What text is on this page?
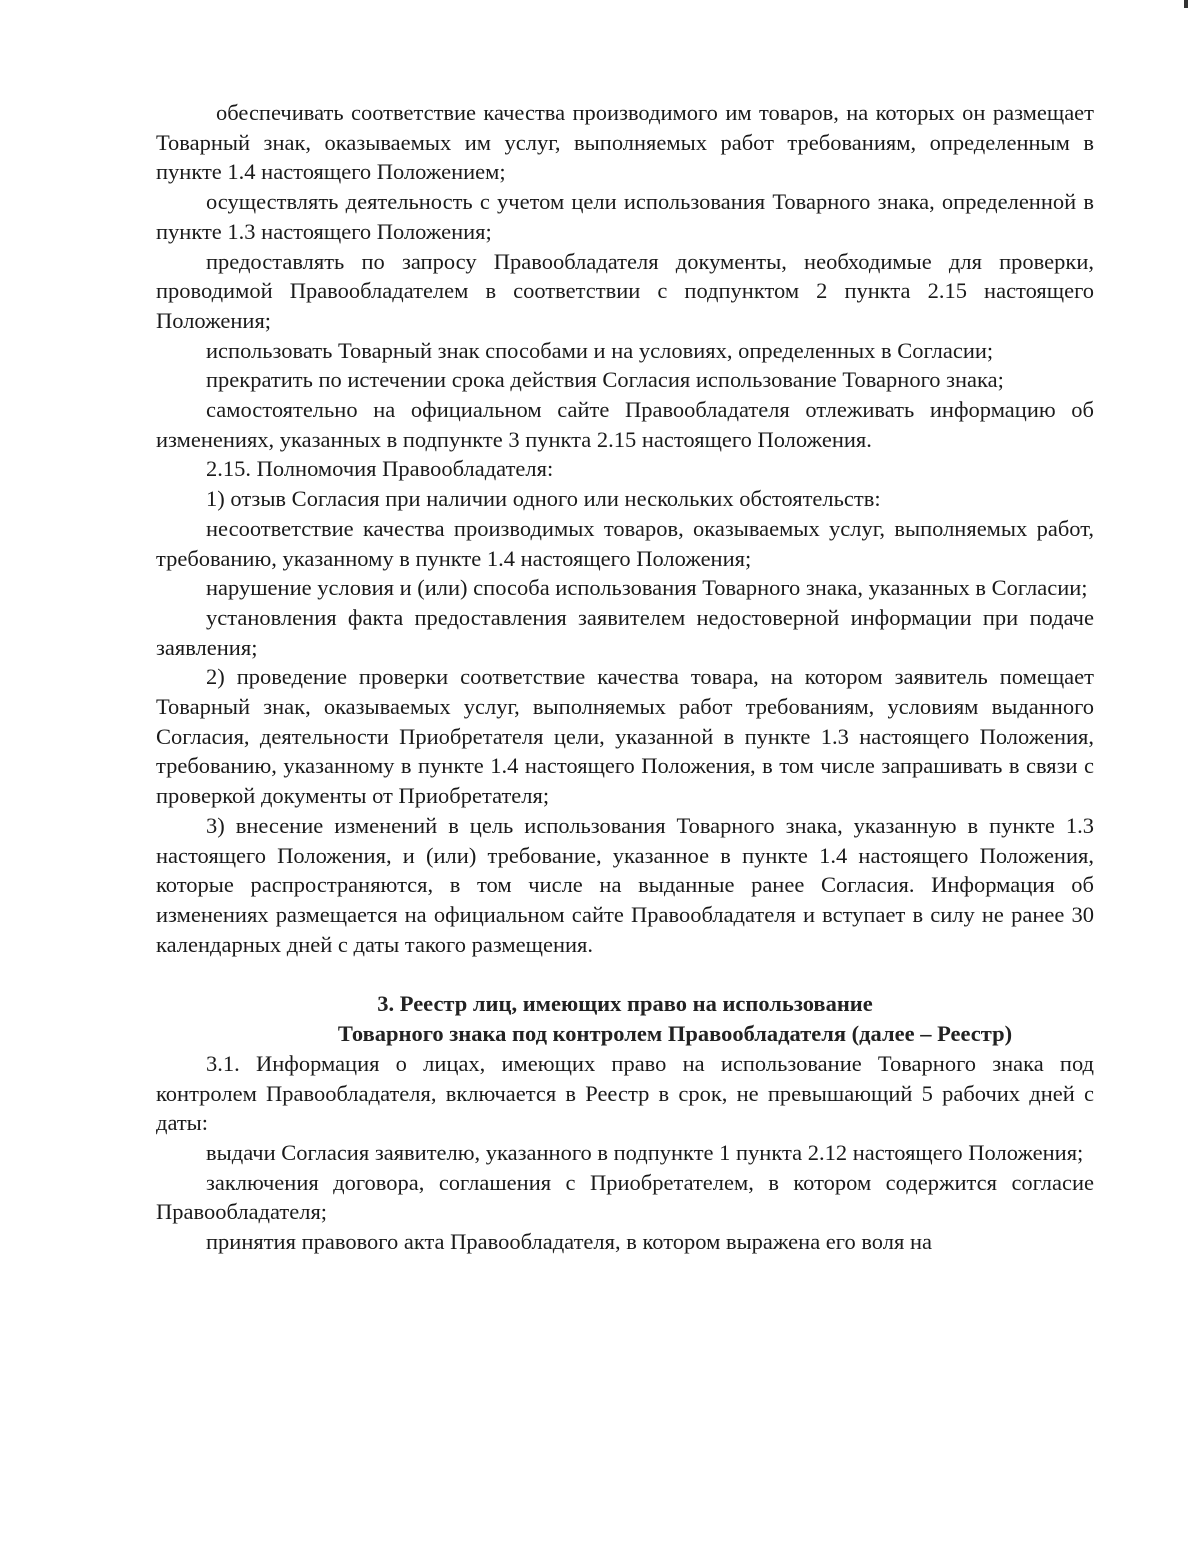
обеспечивать соответствие качества производимого им товаров, на которых он размещает Товарный знак, оказываемых им услуг, выполняемых работ требованиям, определенным в пункте 1.4 настоящего Положением;

осуществлять деятельность с учетом цели использования Товарного знака, определенной в пункте 1.3 настоящего Положения;

предоставлять по запросу Правообладателя документы, необходимые для проверки, проводимой Правообладателем в соответствии с подпунктом 2 пункта 2.15 настоящего Положения;

использовать Товарный знак способами и на условиях, определенных в Согласии;

прекратить по истечении срока действия Согласия использование Товарного знака;

самостоятельно на официальном сайте Правообладателя отлеживать информацию об изменениях, указанных в подпункте 3 пункта 2.15 настоящего Положения.

2.15. Полномочия Правообладателя:

1) отзыв Согласия при наличии одного или нескольких обстоятельств:

несоответствие качества производимых товаров, оказываемых услуг, выполняемых работ, требованию, указанному в пункте 1.4 настоящего Положения;

нарушение условия и (или) способа использования Товарного знака, указанных в Согласии;

установления факта предоставления заявителем недостоверной информации при подаче заявления;

2) проведение проверки соответствие качества товара, на котором заявитель помещает Товарный знак, оказываемых услуг, выполняемых работ требованиям, условиям выданного Согласия, деятельности Приобретателя цели, указанной в пункте 1.3 настоящего Положения, требованию, указанному в пункте 1.4 настоящего Положения, в том числе запрашивать в связи с проверкой документы от Приобретателя;

3) внесение изменений в цель использования Товарного знака, указанную в пункте 1.3 настоящего Положения, и (или) требование, указанное в пункте 1.4 настоящего Положения, которые распространяются, в том числе на выданные ранее Согласия. Информация об изменениях размещается на официальном сайте Правообладателя и вступает в силу не ранее 30 календарных дней с даты такого размещения.

3. Реестр лиц, имеющих право на использование

Товарного знака под контролем Правообладателя (далее – Реестр)

3.1. Информация о лицах, имеющих право на использование Товарного знака под контролем Правообладателя, включается в Реестр в срок, не превышающий 5 рабочих дней с даты:

выдачи Согласия заявителю, указанного в подпункте 1 пункта 2.12 настоящего Положения;

заключения договора, соглашения с Приобретателем, в котором содержится согласие Правообладателя;

принятия правового акта Правообладателя, в котором выражена его воля на
